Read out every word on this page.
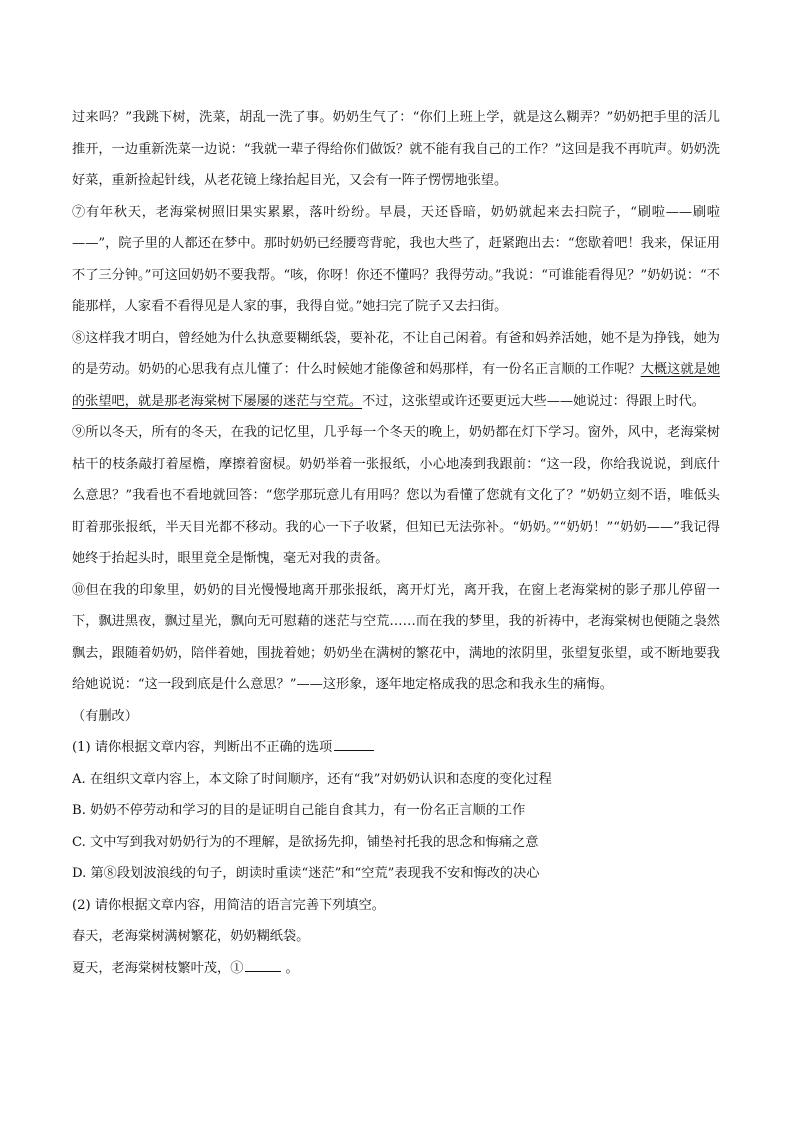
过来吗？”我跳下树，洗菜，胡乱一洗了事。奶奶生气了：“你们上班上学，就是这么糊弄？”奶奶把手里的活儿推开，一边重新洗菜一边说：“我就一辈子得给你们做饭？就不能有我自己的工作？”这回是我不再吭声。奶奶洗好菜，重新捡起针线，从老花镜上缘抬起目光，又会有一阵子愣愣地张望。

⑦有年秋天，老海棠树照旧果实累累，落叶纷纷。早晨，天还昏暗，奶奶就起来去扫院子，“刷啦——刷啦——”，院子里的人都还在梦中。那时奶奶已经腰弯背驼，我也大些了，赶紧跑出去：“您歇着吧！我来，保证用不了三分钟。”可这回奶奶不要我帮。“咳，你呀！你还不懂吗？我得劳动。”我说：“可谁能看得见？”奶奶说：“不能那样，人家看不看得见是人家的事，我得自觉。”她扫完了院子又去扫街。

⑧这样我才明白，曾经她为什么执意要糊纸袋，要补花，不让自己闲着。有爸和妈养活她，她不是为挣钱，她为的是劳动。奶奶的心思我有点儿懂了：什么时候她才能像爸和妈那样，有一份名正言顺的工作呢？大概这就是她的张望吧，就是那老海棠树下屡屡的迷茫与空荒。不过，这张望或许还要更远大些——她说过：得跟上时代。

⑨所以冬天，所有的冬天，在我的记忆里，几乎每一个冬天的晚上，奶奶都在灯下学习。窗外，风中，老海棠树枯干的枝条敲打着屋檐，摩擦着窗棂。奶奶举着一张报纸，小心地凑到我跟前：“这一段，你给我说说，到底什么意思？”我看也不看地就回答：“您学那玩意儿有用吗？您以为看懂了您就有文化了？”奶奶立刻不语，唯低头盯着那张报纸，半天目光都不移动。我的心一下子收紧，但知已无法弥补。“奶奶。”“奶奶！”“奶奶——”我记得她终于抬起头时，眼里竟全是惭愧，毫无对我的责备。

⑩但在我的印象里，奶奶的目光慢慢地离开那张报纸，离开灯光，离开我，在窗上老海棠树的影子那儿停留一下，飘进黑夜，飘过星光，飘向无可慰藉的迷茫与空荒……而在我的梦里，我的祈祷中，老海棠树也便随之袅然飘去，跟随着奶奶，陪伴着她，围拢着她；奶奶坐在满树的繁花中，满地的浓阴里，张望复张望，或不断地要我给她说说：“这一段到底是什么意思？”——这形象，逐年地定格成我的思念和我永生的痛悔。

（有删改）

(1) 请你根据文章内容，判断出不正确的选项

A. 在组织文章内容上，本文除了时间顺序，还有“我”对奶奶认识和态度的变化过程

B. 奶奶不停劳动和学习的目的是证明自己能自食其力，有一份名正言顺的工作

C. 文中写到我对奶奶行为的不理解，是欲扬先抑，铺垫衬托我的思念和悔痛之意

D. 第⑧段划波浪线的句子，朗读时重读“迷茫”和“空荒”表现我不安和悔改的决心

(2) 请你根据文章内容，用简洁的语言完善下列填空。

春天，老海棠树满树繁花，奶奶糊纸袋。

夏天，老海棠树枝繁叶茂，①	。
